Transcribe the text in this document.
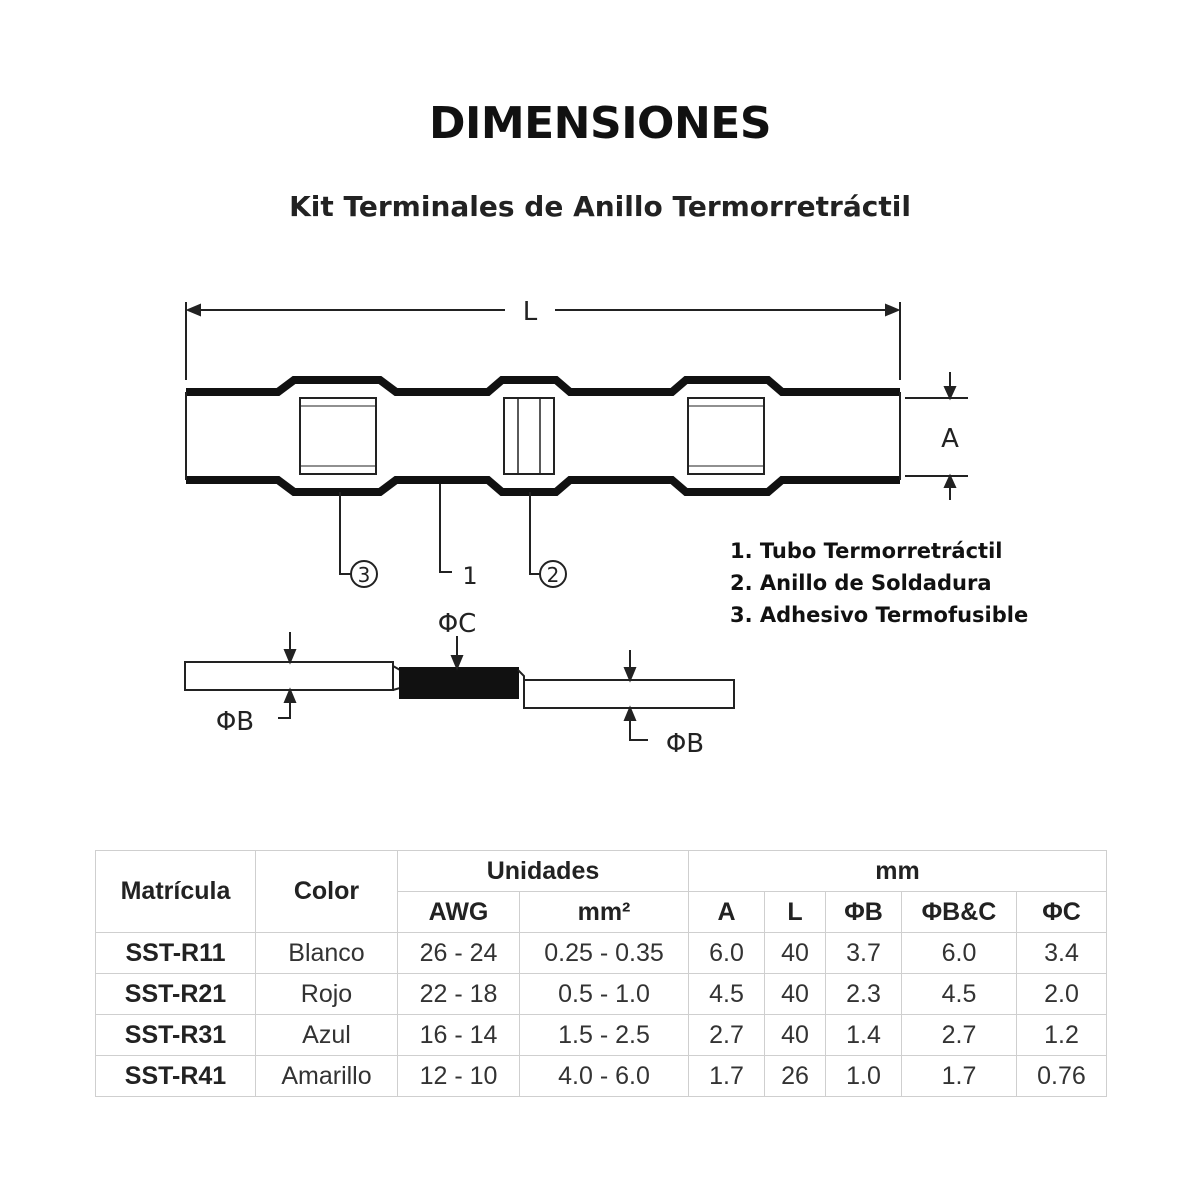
DIMENSIONES
Kit Terminales de Anillo Termorretráctil
L
A
3	1	2
ΦC
ΦB
ΦB
1. Tubo Termorretráctil
2. Anillo de Soldadura
3. Adhesivo Termofusible
Matrícula	Color	Unidades		mm				
		AWG	mm²	A	L	ΦB	ΦB&C	ΦC
SST-R11	Blanco	26 - 24	0.25 - 0.35	6.0	40	3.7	6.0	3.4
SST-R21	Rojo	22 - 18	0.5 - 1.0	4.5	40	2.3	4.5	2.0
SST-R31	Azul	16 - 14	1.5 - 2.5	2.7	40	1.4	2.7	1.2
SST-R41	Amarillo	12 - 10	4.0 - 6.0	1.7	26	1.0	1.7	0.76
